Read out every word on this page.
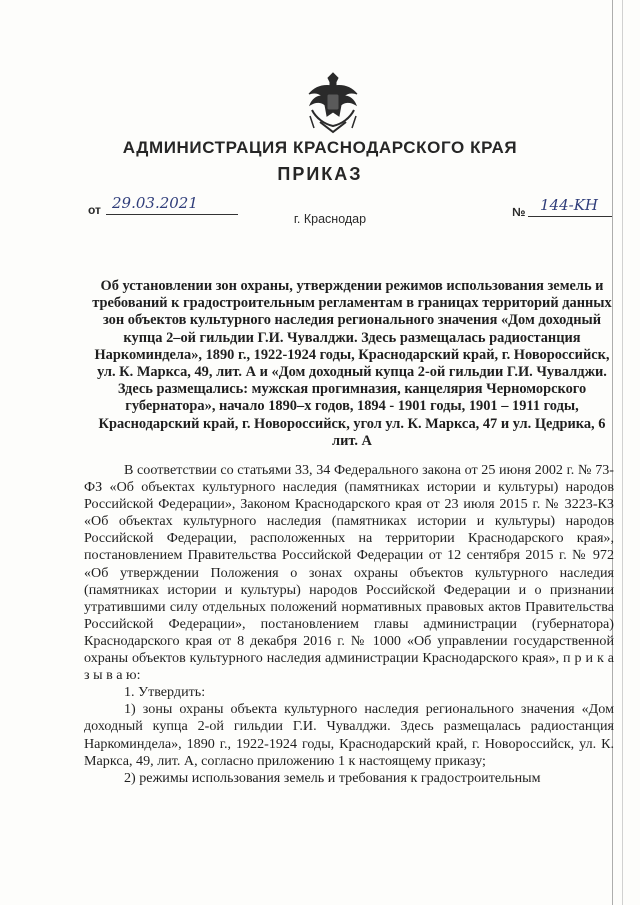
АДМИНИСТРАЦИЯ КРАСНОДАРСКОГО КРАЯ
ПРИКАЗ
от 29.03.2021
г. Краснодар	№ 144-KH
Об установлении зон охраны, утверждении режимов использования земель и требований к градостроительным регламентам в границах территорий данных зон объектов культурного наследия регионального значения «Дом доходный купца 2–ой гильдии Г.И. Чувалджи. Здесь размещалась радиостанция Наркоминдела», 1890 г., 1922-1924 годы, Краснодарский край, г. Новороссийск, ул. К. Маркса, 49, лит. А и «Дом доходный купца 2-ой гильдии Г.И. Чувалджи. Здесь размещались: мужская прогимназия, канцелярия Черноморского губернатора», начало 1890–х годов, 1894 - 1901 годы, 1901 – 1911 годы, Краснодарский край, г. Новороссийск, угол ул. К. Маркса, 47 и ул. Цедрика, 6 лит. А

В соответствии со статьями 33, 34 Федерального закона от 25 июня 2002 г. № 73-ФЗ «Об объектах культурного наследия (памятниках истории и культуры) народов Российской Федерации», Законом Краснодарского края от 23 июля 2015 г. № 3223-КЗ «Об объектах культурного наследия (памятниках истории и культуры) народов Российской Федерации, расположенных на территории Краснодарского края», постановлением Правительства Российской Федерации от 12 сентября 2015 г. № 972 «Об утверждении Положения о зонах охраны объектов культурного наследия (памятниках истории и культуры) народов Российской Федерации и о признании утратившими силу отдельных положений нормативных правовых актов Правительства Российской Федерации», постановлением главы администрации (губернатора) Краснодарского края от 8 декабря 2016 г. № 1000 «Об управлении государственной охраны объектов культурного наследия администрации Краснодарского края», п р и к а з ы в а ю:

1. Утвердить:

1) зоны охраны объекта культурного наследия регионального значения «Дом доходный купца 2-ой гильдии Г.И. Чувалджи. Здесь размещалась радиостанция Наркоминдела», 1890 г., 1922-1924 годы, Краснодарский край, г. Новороссийск, ул. К. Маркса, 49, лит. А, согласно приложению 1 к настоящему приказу;

2) режимы использования земель и требования к градостроительным
